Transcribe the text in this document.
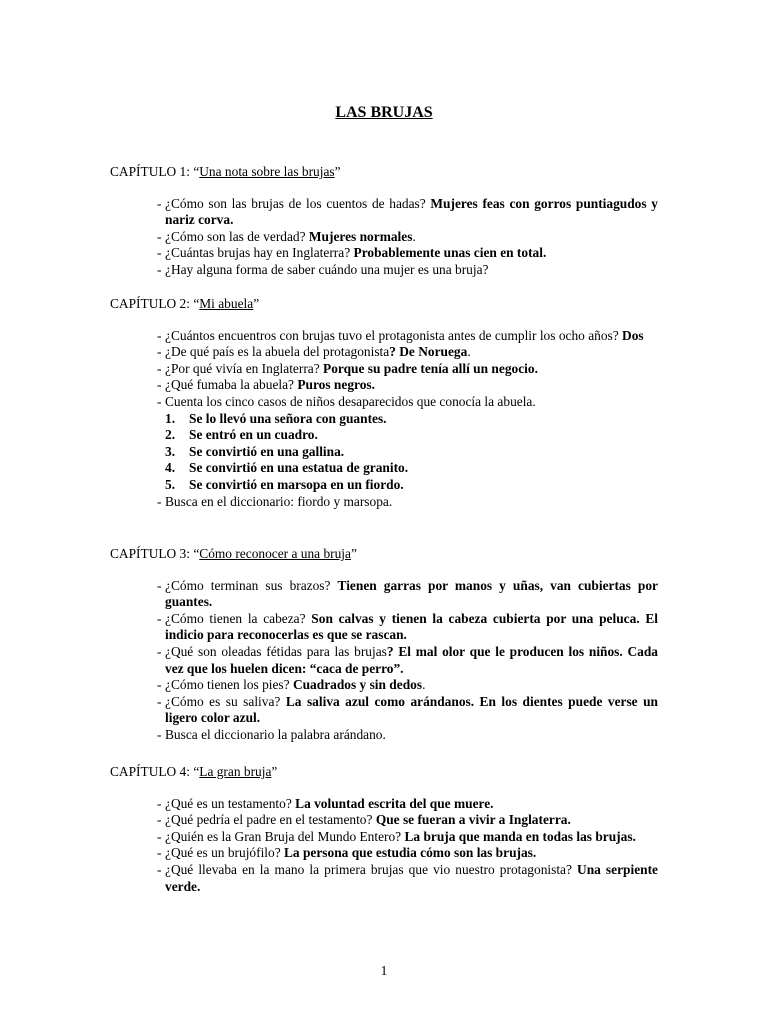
LAS BRUJAS

CAPÍTULO 1: “Una nota sobre las brujas”

- ¿Cómo son las brujas de los cuentos de hadas? Mujeres feas con gorros puntiagudos y nariz corva.
- ¿Cómo son las de verdad? Mujeres normales.
- ¿Cuántas brujas hay en Inglaterra? Probablemente unas cien en total.
- ¿Hay alguna forma de saber cuándo una mujer es una bruja?

CAPÍTULO 2: “Mi abuela”

- ¿Cuántos encuentros con brujas tuvo el protagonista antes de cumplir los ocho años? Dos
- ¿De qué país es la abuela del protagonista? De Noruega.
- ¿Por qué vivía en Inglaterra? Porque su padre tenía allí un negocio.
- ¿Qué fumaba la abuela? Puros negros.
- Cuenta los cinco casos de niños desaparecidos que conocía la abuela.
1. Se lo llevó una señora con guantes.
2. Se entró en un cuadro.
3. Se convirtió en una gallina.
4. Se convirtió en una estatua de granito.
5. Se convirtió en marsopa en un fiordo.
- Busca en el diccionario: fiordo y marsopa.

CAPÍTULO 3: “Cómo reconocer a una bruja”

- ¿Cómo terminan sus brazos? Tienen garras por manos y uñas, van cubiertas por guantes.
- ¿Cómo tienen la cabeza? Son calvas y tienen la cabeza cubierta por una peluca. El indicio para reconocerlas es que se rascan.
- ¿Qué son oleadas fétidas para las brujas? El mal olor que le producen los niños. Cada vez que los huelen dicen: “caca de perro”.
- ¿Cómo tienen los pies? Cuadrados y sin dedos.
- ¿Cómo es su saliva? La saliva azul como arándanos. En los dientes puede verse un ligero color azul.
- Busca el diccionario la palabra arándano.

CAPÍTULO 4: “La gran bruja”

- ¿Qué es un testamento? La voluntad escrita del que muere.
- ¿Qué pedría el padre en el testamento? Que se fueran a vivir a Inglaterra.
- ¿Quién es la Gran Bruja del Mundo Entero? La bruja que manda en todas las brujas.
- ¿Qué es un brujófilo? La persona que estudia cómo son las brujas.
- ¿Qué llevaba en la mano la primera brujas que vio nuestro protagonista? Una serpiente verde.
1
